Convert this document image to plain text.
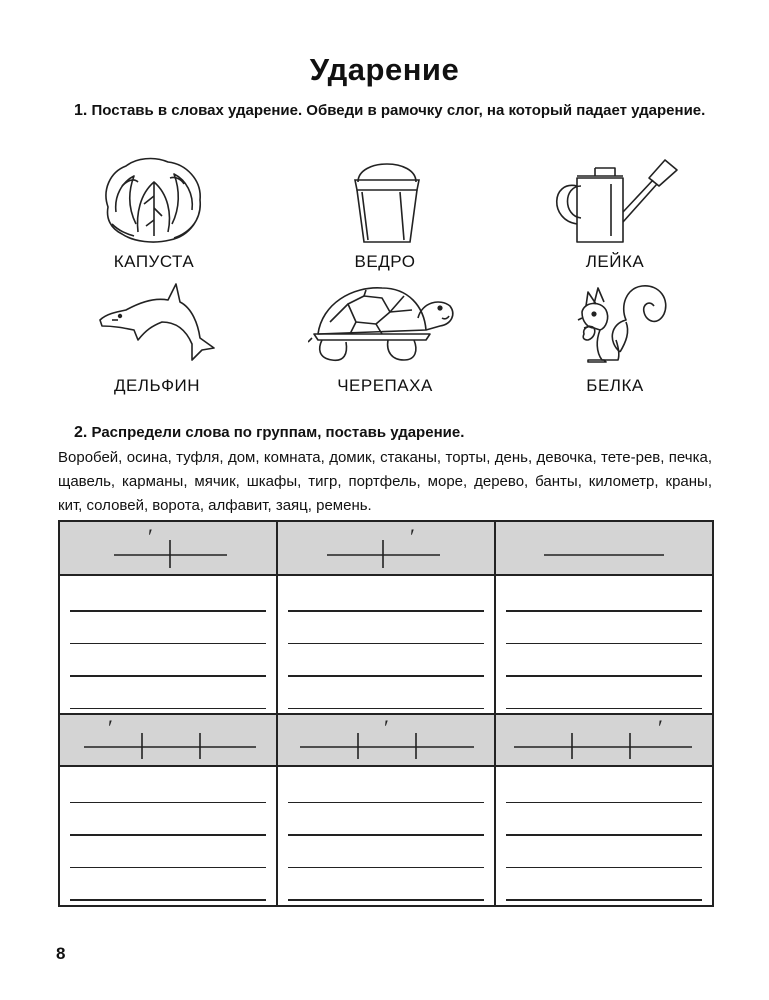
Ударение
1. Поставь в словах ударение. Обведи в рамочку слог, на который падает ударение.
КАПУСТА	ВЕДРО	ЛЕЙКА
ДЕЛЬФИН	ЧЕРЕПАХА	БЕЛКА
2. Распредели слова по группам, поставь ударение.
Воробей, осина, туфля, дом, комната, домик, стаканы, торты, день, девочка, тете-рев, печка, щавель, карманы, мячик, шкафы, тигр, портфель, море, дерево, банты, километр, краны, кит, соловей, ворота, алфавит, заяц, ремень.
′	′

′	′	′

8
